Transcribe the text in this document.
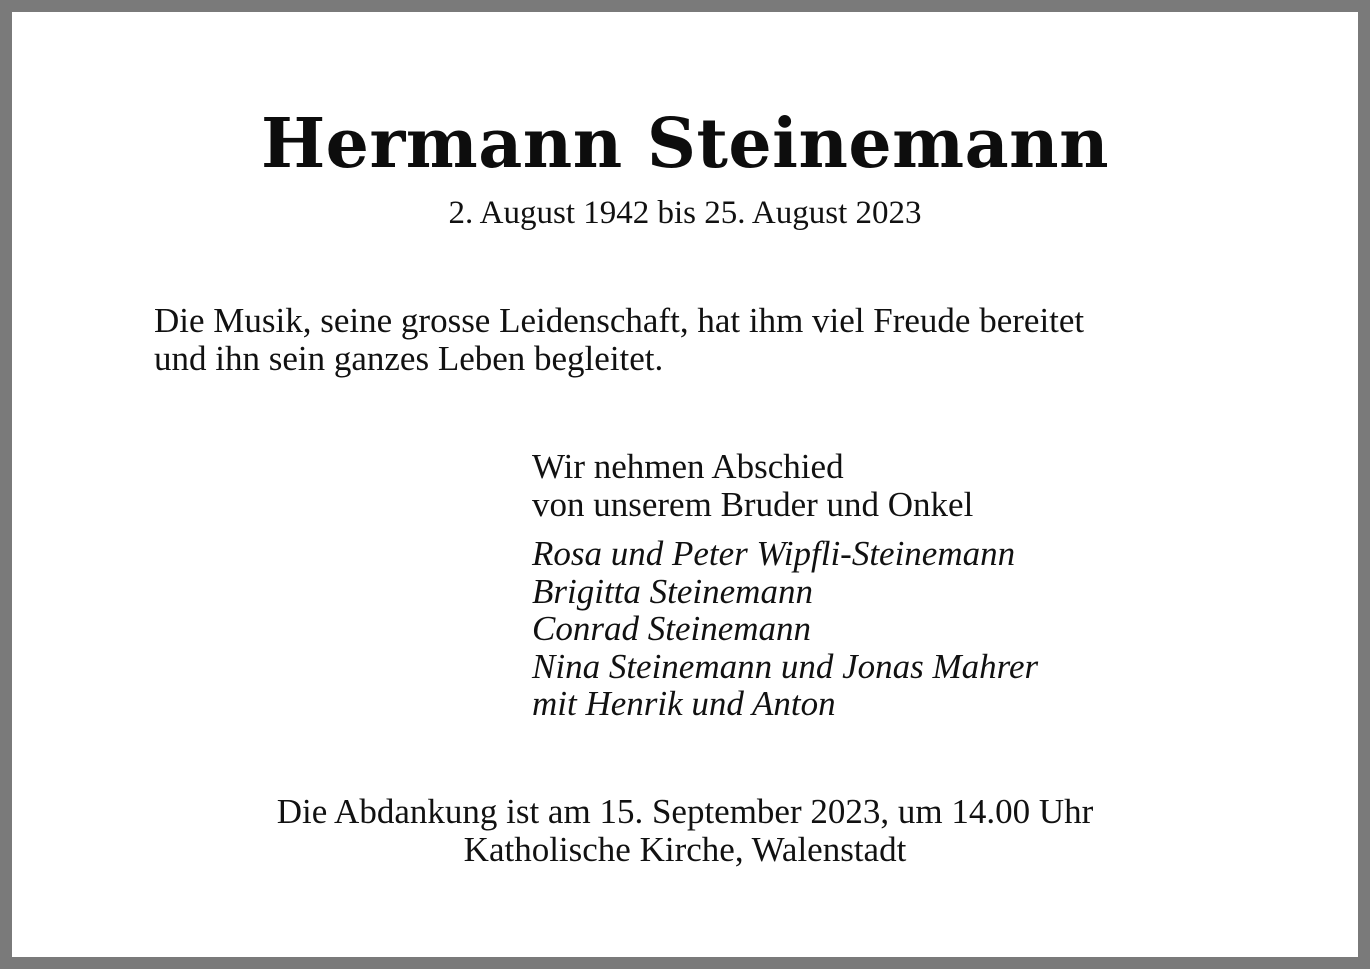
Hermann Steinemann
2. August 1942 bis 25. August 2023
Die Musik, seine grosse Leidenschaft, hat ihm viel Freude bereitet
und ihn sein ganzes Leben begleitet.
Wir nehmen Abschied
von unserem Bruder und Onkel
Rosa und Peter Wipfli-Steinemann
Brigitta Steinemann
Conrad Steinemann
Nina Steinemann und Jonas Mahrer
mit Henrik und Anton
Die Abdankung ist am 15. September 2023, um 14.00 Uhr
Katholische Kirche, Walenstadt
